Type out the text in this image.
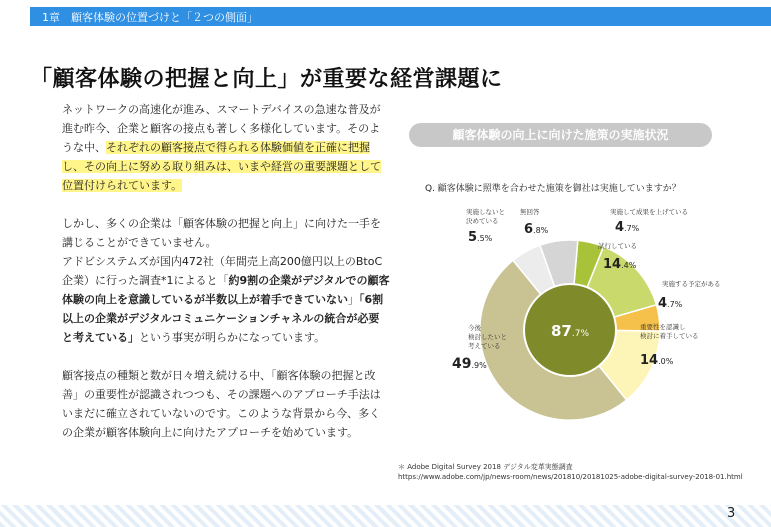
1章　顧客体験の位置づけと「２つの側面」
「顧客体験の把握と向上」が重要な経営課題に

ネットワークの高速化が進み、スマートデバイスの急速な普及が進む昨今、企業と顧客の接点も著しく多様化しています。そのような中、それぞれの顧客接点で得られる体験価値を正確に把握し、その向上に努める取り組みは、いまや経営の重要課題として位置付けられています。

しかし、多くの企業は「顧客体験の把握と向上」に向けた一手を講じることができていません。
アドビシステムズが国内472社（年間売上高200億円以上のBtoC企業）に行った調査*1によると「約9割の企業がデジタルでの顧客体験の向上を意識しているが半数以上が着手できていない」「6割以上の企業がデジタルコミュニケーションチャネルの統合が必要と考えている」という事実が明らかになっています。

顧客接点の種類と数が日々増え続ける中、「顧客体験の把握と改善」の重要性が認識されつつも、その課題へのアプローチ手法はいまだに確立されていないのです。このような背景から今、多くの企業が顧客体験向上に向けたアプローチを始めています。

顧客体験の向上に向けた施策の実施状況
Q. 顧客体験に照準を合わせた施策を御社は実施していますか？
実施して成果を上げている
4.7%
試行している
14.4%
実施する予定がある
4.7%
重要性を認識し
検討に着手している
14.0%
今後
検討したいと
考えている
49.9%
実施しないと
決めている
5.5%
無回答
6.8%
87.7%
＊ Adobe Digital Survey 2018 デジタル変革実態調査
https://www.adobe.com/jp/news-room/news/201810/20181025-adobe-digital-survey-2018-01.html
3
